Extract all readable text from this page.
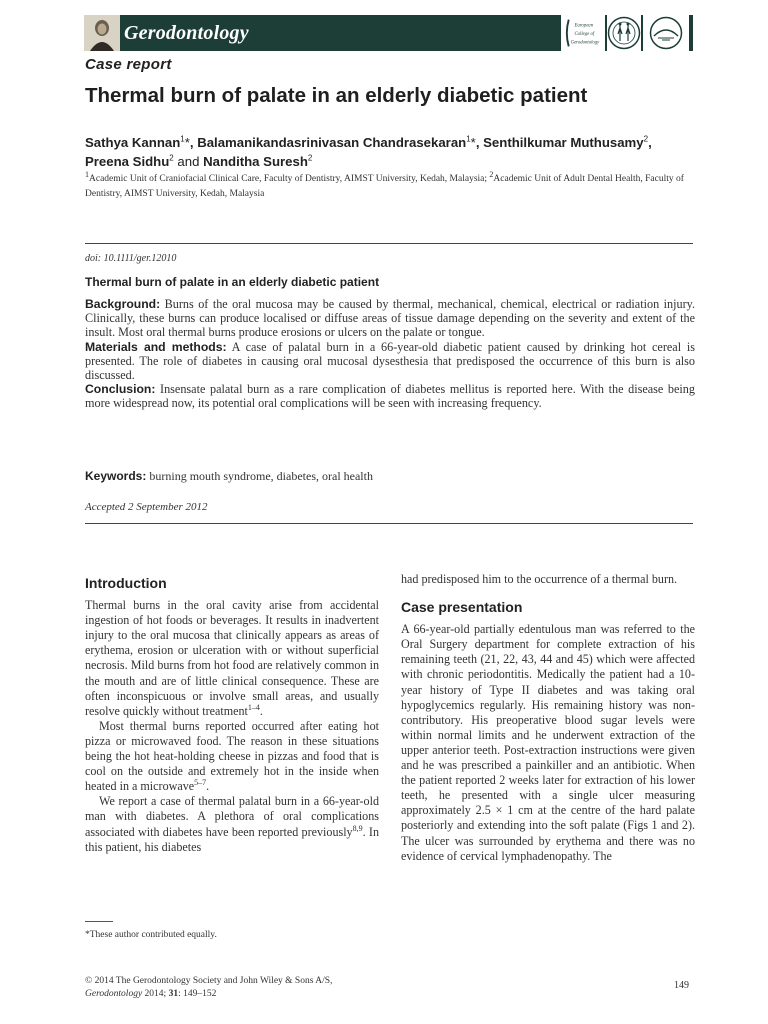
Gerodontology	European
College of
Gerodontology
Case report
Thermal burn of palate in an elderly diabetic patient
Sathya Kannan$^1$*, Balamanikandasrinivasan Chandrasekaran$^1$*, Senthilkumar Muthusamy$^2$,
Preena Sidhu$^2$ and Nanditha Suresh$^2$
$^1$Academic Unit of Craniofacial Clinical Care, Faculty of Dentistry, AIMST University, Kedah, Malaysia; $^2$Academic Unit of Adult Dental Health, Faculty of Dentistry, AIMST University, Kedah, Malaysia
doi: 10.1111/ger.12010
Thermal burn of palate in an elderly diabetic patient

Background: Burns of the oral mucosa may be caused by thermal, mechanical, chemical, electrical or radiation injury. Clinically, these burns can produce localised or diffuse areas of tissue damage depending on the severity and extent of the insult. Most oral thermal burns produce erosions or ulcers on the palate or tongue.

Materials and methods: A case of palatal burn in a 66-year-old diabetic patient caused by drinking hot cereal is presented. The role of diabetes in causing oral mucosal dysesthesia that predisposed the occurrence of this burn is also discussed.

Conclusion: Insensate palatal burn as a rare complication of diabetes mellitus is reported here. With the disease being more widespread now, its potential oral complications will be seen with increasing frequency.

Keywords: burning mouth syndrome, diabetes, oral health
Accepted 2 September 2012
Introduction

Thermal burns in the oral cavity arise from accidental ingestion of hot foods or beverages. It results in inadvertent injury to the oral mucosa that clinically appears as areas of erythema, erosion or ulceration with or without superficial necrosis. Mild burns from hot food are relatively common in the mouth and are of little clinical consequence. These are often inconspicuous or involve small areas, and usually resolve quickly without treatment$^{1-4}$.

Most thermal burns reported occurred after eating hot pizza or microwaved food. The reason in these situations being the hot heat-holding cheese in pizzas and food that is cool on the outside and extremely hot in the inside when heated in a microwave$^{5-7}$.

We report a case of thermal palatal burn in a 66-year-old man with diabetes. A plethora of oral complications associated with diabetes have been reported previously$^{8,9}$. In this patient, his diabetes

had predisposed him to the occurrence of a thermal burn.

Case presentation

A 66-year-old partially edentulous man was referred to the Oral Surgery department for complete extraction of his remaining teeth (21, 22, 43, 44 and 45) which were affected with chronic periodontitis. Medically the patient had a 10-year history of Type II diabetes and was taking oral hypoglycemics regularly. His remaining history was non-contributory. His preoperative blood sugar levels were within normal limits and he underwent extraction of the upper anterior teeth. Post-extraction instructions were given and he was prescribed a painkiller and an antibiotic. When the patient reported 2 weeks later for extraction of his lower teeth, he presented with a single ulcer measuring approximately 2.5 × 1 cm at the centre of the hard palate posteriorly and extending into the soft palate (Figs 1 and 2). The ulcer was surrounded by erythema and there was no evidence of cervical lymphadenopathy. The

*These author contributed equally.
© 2014 The Gerodontology Society and John Wiley & Sons A/S,
Gerodontology 2014; 31: 149–152
149
